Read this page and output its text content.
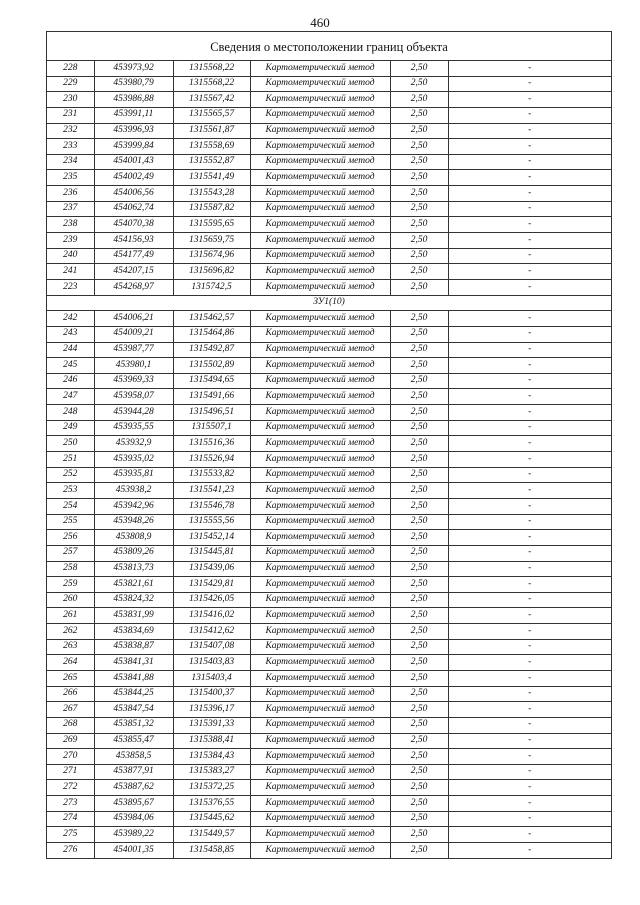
460
Сведения о местоположении границ объекта
228	453973,92	1315568,22	Картометрический метод	2,50	-
229	453980,79	1315568,22	Картометрический метод	2,50	-
230	453986,88	1315567,42	Картометрический метод	2,50	-
231	453991,11	1315565,57	Картометрический метод	2,50	-
232	453996,93	1315561,87	Картометрический метод	2,50	-
233	453999,84	1315558,69	Картометрический метод	2,50	-
234	454001,43	1315552,87	Картометрический метод	2,50	-
235	454002,49	1315541,49	Картометрический метод	2,50	-
236	454006,56	1315543,28	Картометрический метод	2,50	-
237	454062,74	1315587,82	Картометрический метод	2,50	-
238	454070,38	1315595,65	Картометрический метод	2,50	-
239	454156,93	1315659,75	Картометрический метод	2,50	-
240	454177,49	1315674,96	Картометрический метод	2,50	-
241	454207,15	1315696,82	Картометрический метод	2,50	-
223	454268,97	1315742,5	Картометрический метод	2,50	-
ЗУ1(10)					
242	454006,21	1315462,57	Картометрический метод	2,50	-
243	454009,21	1315464,86	Картометрический метод	2,50	-
244	453987,77	1315492,87	Картометрический метод	2,50	-
245	453980,1	1315502,89	Картометрический метод	2,50	-
246	453969,33	1315494,65	Картометрический метод	2,50	-
247	453958,07	1315491,66	Картометрический метод	2,50	-
248	453944,28	1315496,51	Картометрический метод	2,50	-
249	453935,55	1315507,1	Картометрический метод	2,50	-
250	453932,9	1315516,36	Картометрический метод	2,50	-
251	453935,02	1315526,94	Картометрический метод	2,50	-
252	453935,81	1315533,82	Картометрический метод	2,50	-
253	453938,2	1315541,23	Картометрический метод	2,50	-
254	453942,96	1315546,78	Картометрический метод	2,50	-
255	453948,26	1315555,56	Картометрический метод	2,50	-
256	453808,9	1315452,14	Картометрический метод	2,50	-
257	453809,26	1315445,81	Картометрический метод	2,50	-
258	453813,73	1315439,06	Картометрический метод	2,50	-
259	453821,61	1315429,81	Картометрический метод	2,50	-
260	453824,32	1315426,05	Картометрический метод	2,50	-
261	453831,99	1315416,02	Картометрический метод	2,50	-
262	453834,69	1315412,62	Картометрический метод	2,50	-
263	453838,87	1315407,08	Картометрический метод	2,50	-
264	453841,31	1315403,83	Картометрический метод	2,50	-
265	453841,88	1315403,4	Картометрический метод	2,50	-
266	453844,25	1315400,37	Картометрический метод	2,50	-
267	453847,54	1315396,17	Картометрический метод	2,50	-
268	453851,32	1315391,33	Картометрический метод	2,50	-
269	453855,47	1315388,41	Картометрический метод	2,50	-
270	453858,5	1315384,43	Картометрический метод	2,50	-
271	453877,91	1315383,27	Картометрический метод	2,50	-
272	453887,62	1315372,25	Картометрический метод	2,50	-
273	453895,67	1315376,55	Картометрический метод	2,50	-
274	453984,06	1315445,62	Картометрический метод	2,50	-
275	453989,22	1315449,57	Картометрический метод	2,50	-
276	454001,35	1315458,85	Картометрический метод	2,50	-
